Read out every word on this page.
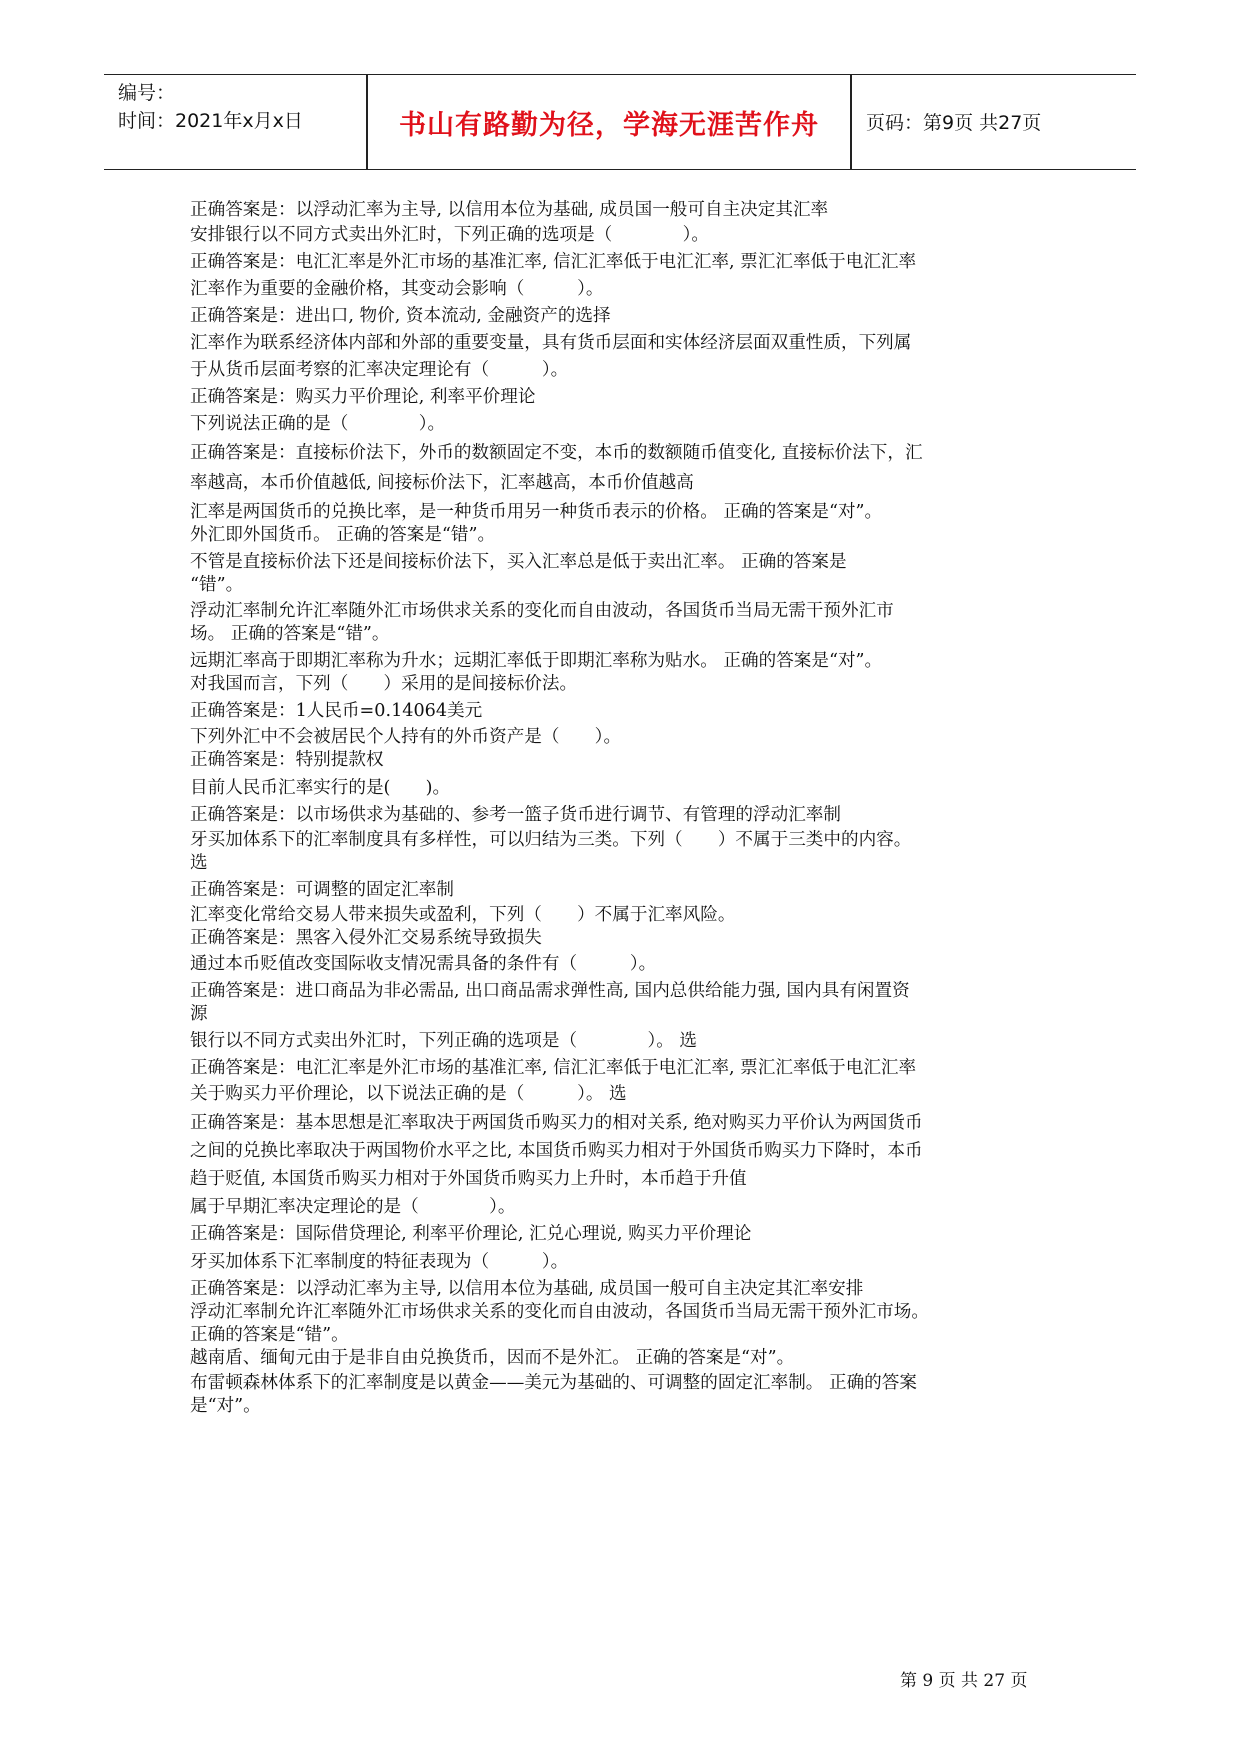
编号：
时间：2021年x月x日	书山有路勤为径，学海无涯苦作舟	页码：第9页 共27页
正确答案是：以浮动汇率为主导, 以信用本位为基础, 成员国一般可自主决定其汇率
安排银行以不同方式卖出外汇时，下列正确的选项是（　　　　）。
正确答案是：电汇汇率是外汇市场的基准汇率, 信汇汇率低于电汇汇率, 票汇汇率低于电汇汇率
汇率作为重要的金融价格，其变动会影响（　　　）。
正确答案是：进出口, 物价, 资本流动, 金融资产的选择
汇率作为联系经济体内部和外部的重要变量，具有货币层面和实体经济层面双重性质，下列属
于从货币层面考察的汇率决定理论有（　　　）。
正确答案是：购买力平价理论, 利率平价理论
下列说法正确的是（　　　　）。
正确答案是：直接标价法下，外币的数额固定不变，本币的数额随币值变化, 直接标价法下，汇
率越高，本币价值越低, 间接标价法下，汇率越高，本币价值越高
汇率是两国货币的兑换比率，是一种货币用另一种货币表示的价格。 正确的答案是“对”。
外汇即外国货币。 正确的答案是“错”。
不管是直接标价法下还是间接标价法下，买入汇率总是低于卖出汇率。 正确的答案是
“错”。
浮动汇率制允许汇率随外汇市场供求关系的变化而自由波动，各国货币当局无需干预外汇市
场。 正确的答案是“错”。
远期汇率高于即期汇率称为升水；远期汇率低于即期汇率称为贴水。 正确的答案是“对”。
对我国而言，下列（　　）采用的是间接标价法。
正确答案是：1人民币=0.14064美元
下列外汇中不会被居民个人持有的外币资产是（　　）。
正确答案是：特别提款权
目前人民币汇率实行的是(　　)。
正确答案是：以市场供求为基础的、参考一篮子货币进行调节、有管理的浮动汇率制
牙买加体系下的汇率制度具有多样性，可以归结为三类。下列（　　）不属于三类中的内容。
选
正确答案是：可调整的固定汇率制
汇率变化常给交易人带来损失或盈利，下列（　　）不属于汇率风险。
正确答案是：黑客入侵外汇交易系统导致损失
通过本币贬值改变国际收支情况需具备的条件有（　　　）。
正确答案是：进口商品为非必需品, 出口商品需求弹性高, 国内总供给能力强, 国内具有闲置资
源
银行以不同方式卖出外汇时，下列正确的选项是（　　　　）。 选
正确答案是：电汇汇率是外汇市场的基准汇率, 信汇汇率低于电汇汇率, 票汇汇率低于电汇汇率
关于购买力平价理论，以下说法正确的是（　　　）。 选
正确答案是：基本思想是汇率取决于两国货币购买力的相对关系, 绝对购买力平价认为两国货币
之间的兑换比率取决于两国物价水平之比, 本国货币购买力相对于外国货币购买力下降时，本币
趋于贬值, 本国货币购买力相对于外国货币购买力上升时，本币趋于升值
属于早期汇率决定理论的是（　　　　）。
正确答案是：国际借贷理论, 利率平价理论, 汇兑心理说, 购买力平价理论
牙买加体系下汇率制度的特征表现为（　　　）。
正确答案是：以浮动汇率为主导, 以信用本位为基础, 成员国一般可自主决定其汇率安排
浮动汇率制允许汇率随外汇市场供求关系的变化而自由波动，各国货币当局无需干预外汇市场。
正确的答案是“错”。
越南盾、缅甸元由于是非自由兑换货币，因而不是外汇。 正确的答案是“对”。
布雷顿森林体系下的汇率制度是以黄金——美元为基础的、可调整的固定汇率制。 正确的答案
是“对”。
第 9 页 共 27 页
